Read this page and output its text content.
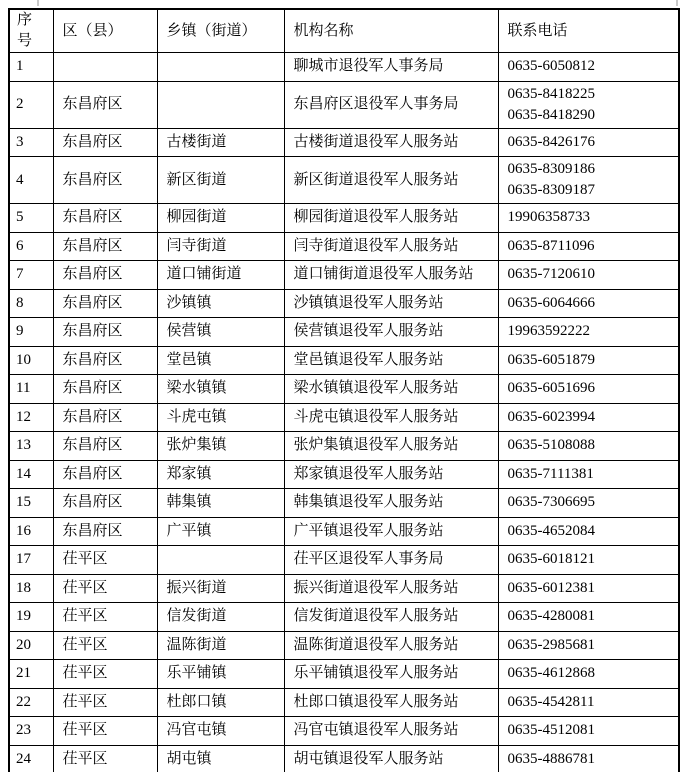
序号	区（县）	乡镇（街道）	机构名称	联系电话
1			聊城市退役军人事务局	0635-6050812

2	东昌府区		东昌府区退役军人事务局	0635-8418225
0635-8418290

3	东昌府区	古楼街道	古楼街道退役军人服务站	0635-8426176

4	东昌府区	新区街道	新区街道退役军人服务站	0635-8309186
0635-8309187

5	东昌府区	柳园街道	柳园街道退役军人服务站	19906358733

6	东昌府区	闫寺街道	闫寺街道退役军人服务站	0635-8711096

7	东昌府区	道口铺街道	道口铺街道退役军人服务站	0635-7120610

8	东昌府区	沙镇镇	沙镇镇退役军人服务站	0635-6064666

9	东昌府区	侯营镇	侯营镇退役军人服务站	19963592222

10	东昌府区	堂邑镇	堂邑镇退役军人服务站	0635-6051879

11	东昌府区	梁水镇镇	梁水镇镇退役军人服务站	0635-6051696

12	东昌府区	斗虎屯镇	斗虎屯镇退役军人服务站	0635-6023994

13	东昌府区	张炉集镇	张炉集镇退役军人服务站	0635-5108088

14	东昌府区	郑家镇	郑家镇退役军人服务站	0635-7111381

15	东昌府区	韩集镇	韩集镇退役军人服务站	0635-7306695

16	东昌府区	广平镇	广平镇退役军人服务站	0635-4652084

17	茌平区		茌平区退役军人事务局	0635-6018121

18	茌平区	振兴街道	振兴街道退役军人服务站	0635-6012381

19	茌平区	信发街道	信发街道退役军人服务站	0635-4280081

20	茌平区	温陈街道	温陈街道退役军人服务站	0635-2985681

21	茌平区	乐平铺镇	乐平铺镇退役军人服务站	0635-4612868

22	茌平区	杜郎口镇	杜郎口镇退役军人服务站	0635-4542811

23	茌平区	冯官屯镇	冯官屯镇退役军人服务站	0635-4512081

24	茌平区	胡屯镇	胡屯镇退役军人服务站	0635-4886781
